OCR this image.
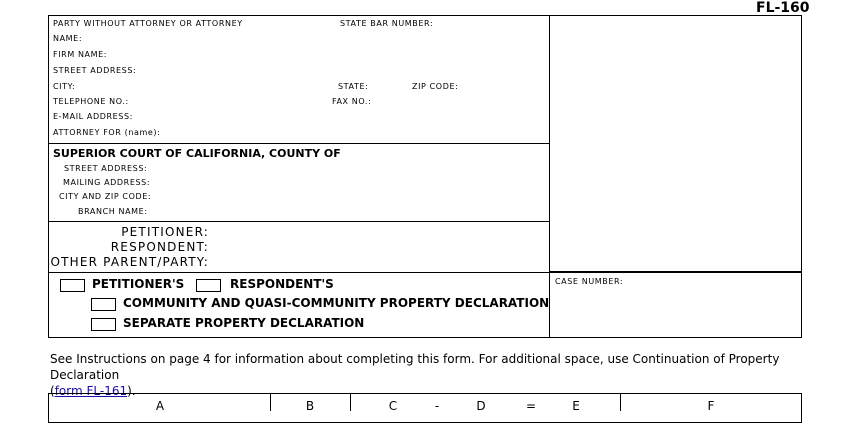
FL-160
PARTY WITHOUT ATTORNEY OR ATTORNEY	STATE BAR NUMBER:
NAME:
FIRM NAME:
STREET ADDRESS:
CITY:	STATE:	ZIP CODE:
TELEPHONE NO.:	FAX NO.:
E-MAIL ADDRESS:
ATTORNEY FOR (name):
SUPERIOR COURT OF CALIFORNIA, COUNTY OF
STREET ADDRESS:
MAILING ADDRESS:
CITY AND ZIP CODE:
BRANCH NAME:
PETITIONER:
RESPONDENT:
OTHER PARENT/PARTY:
PETITIONER'S	RESPONDENT'S
COMMUNITY AND QUASI-COMMUNITY PROPERTY DECLARATION
SEPARATE PROPERTY DECLARATION
CASE NUMBER:
See Instructions on page 4 for information about completing this form. For additional space, use Continuation of Property Declaration
(form FL-161).
A	B	C	-	D	=	E	F
